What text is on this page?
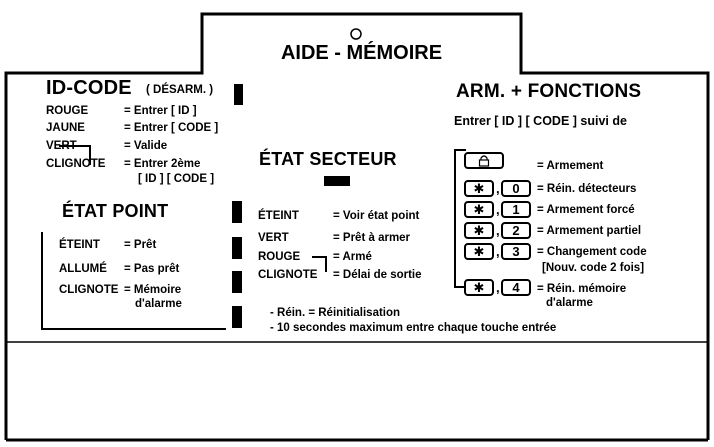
AIDE - MÉMOIRE
ID-CODE ( DÉSARM. )
ROUGE	= Entrer [ ID ]
JAUNE	= Entrer [ CODE ]
VERT	= Valide
CLIGNOTE = Entrer 2ème
[ ID ] [ CODE ]
ÉTAT POINT
ÉTEINT = Prêt
ALLUMÉ = Pas prêt
CLIGNOTE = Mémoire
d'alarme
ÉTAT SECTEUR
ÉTEINT	= Voir état point
VERT	= Prêt à armer
ROUGE	= Armé
CLIGNOTE = Délai de sortie
- Réin. = Réinitialisation
- 10 secondes maximum entre chaque touche entrée
ARM. + FONCTIONS
Entrer [ ID ] [ CODE ] suivi de
= Armement
✱ , 0	= Réin. détecteurs
✱ , 1	= Armement forcé
✱ , 2	= Armement partiel
✱ , 3	= Changement code
[Nouv. code 2 fois]
✱ , 4	= Réin. mémoire
d'alarme
